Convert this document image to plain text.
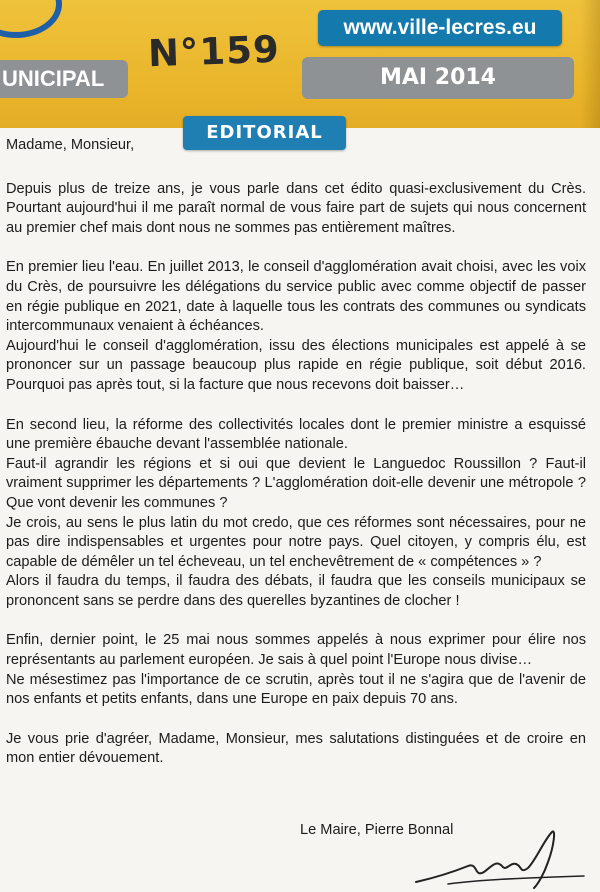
www.ville-lecres.eu
N°159
UNICIPAL	MAI 2014
EDITORIAL

Madame, Monsieur,

Depuis plus de treize ans, je vous parle dans cet édito quasi-exclusivement du Crès. Pourtant aujourd'hui il me paraît normal de vous faire part de sujets qui nous concernent au premier chef mais dont nous ne sommes pas entièrement maîtres.

En premier lieu l'eau. En juillet 2013, le conseil d'agglomération avait choisi, avec les voix du Crès, de poursuivre les délégations du service public avec comme objectif de passer en régie publique en 2021, date à laquelle tous les contrats des communes ou syndicats intercommunaux venaient à échéances.

Aujourd'hui le conseil d'agglomération, issu des élections municipales est appelé à se prononcer sur un passage beaucoup plus rapide en régie publique, soit début 2016. Pourquoi pas après tout, si la facture que nous recevons doit baisser…

En second lieu, la réforme des collectivités locales dont le premier ministre a esquissé une première ébauche devant l'assemblée nationale.

Faut-il agrandir les régions et si oui que devient le Languedoc Roussillon ? Faut-il vraiment supprimer les départements ? L'agglomération doit-elle devenir une métropole ? Que vont devenir les communes ?

Je crois, au sens le plus latin du mot credo, que ces réformes sont nécessaires, pour ne pas dire indispensables et urgentes pour notre pays. Quel citoyen, y compris élu, est capable de démêler un tel écheveau, un tel enchevêtrement de « compétences » ?

Alors il faudra du temps, il faudra des débats, il faudra que les conseils municipaux se prononcent sans se perdre dans des querelles byzantines de clocher !

Enfin, dernier point, le 25 mai nous sommes appelés à nous exprimer pour élire nos représentants au parlement européen. Je sais à quel point l'Europe nous divise…

Ne mésestimez pas l'importance de ce scrutin, après tout il ne s'agira que de l'avenir de nos enfants et petits enfants, dans une Europe en paix depuis 70 ans.

Je vous prie d'agréer, Madame, Monsieur, mes salutations distinguées et de croire en mon entier dévouement.

Le Maire, Pierre Bonnal
